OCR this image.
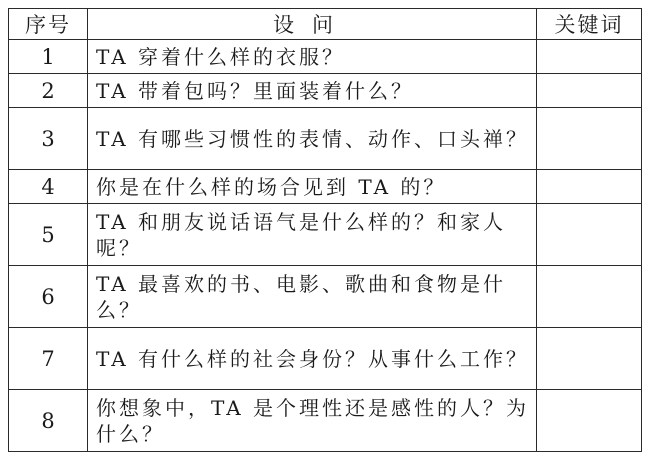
序号	设问	关键词
1	TA 穿着什么样的衣服？	
2	TA 带着包吗？里面装着什么？	
3	TA 有哪些习惯性的表情、动作、口头禅？	
4	你是在什么样的场合见到 TA 的？	
5	TA 和朋友说话语气是什么样的？和家人呢？	
6	TA 最喜欢的书、电影、歌曲和食物是什么？	
7	TA 有什么样的社会身份？从事什么工作？	
8	你想象中，TA 是个理性还是感性的人？为什么？	
